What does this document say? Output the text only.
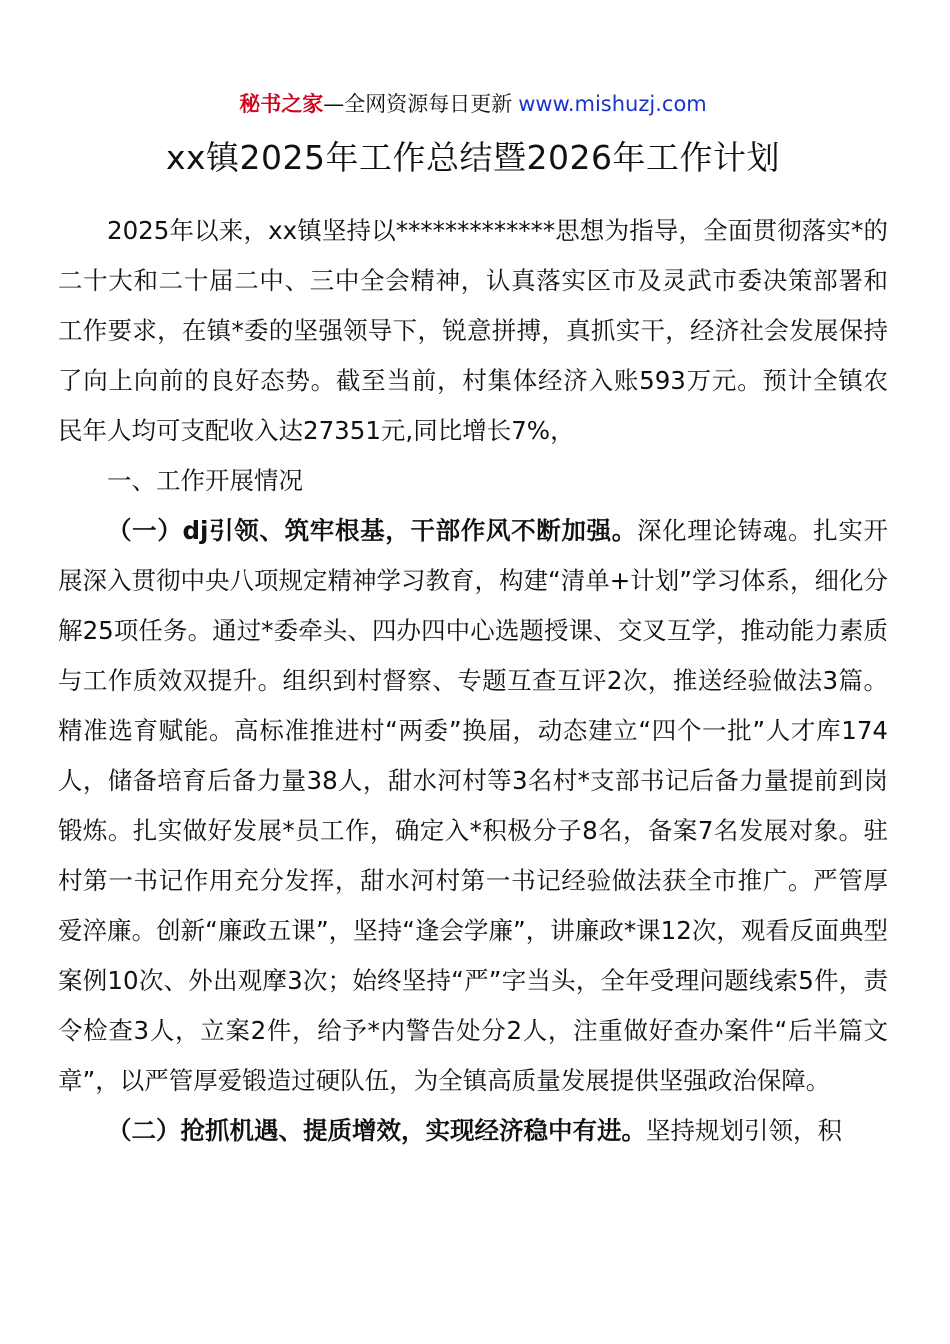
秘书之家—全网资源每日更新 www.mishuzj.com
xx镇2025年工作总结暨2026年工作计划

2025年以来，xx镇坚持以*************思想为指导，全面贯彻落实*的二十大和二十届二中、三中全会精神，认真落实区市及灵武市委决策部署和工作要求，在镇*委的坚强领导下，锐意拼搏，真抓实干，经济社会发展保持了向上向前的良好态势。截至当前，村集体经济入账593万元。预计全镇农民年人均可支配收入达27351元,同比增长7%，

一、工作开展情况

（一）dj引领、筑牢根基，干部作风不断加强。深化理论铸魂。扎实开展深入贯彻中央八项规定精神学习教育，构建“清单+计划”学习体系，细化分解25项任务。通过*委牵头、四办四中心选题授课、交叉互学，推动能力素质与工作质效双提升。组织到村督察、专题互查互评2次，推送经验做法3篇。精准选育赋能。高标准推进村“两委”换届，动态建立“四个一批”人才库174人，储备培育后备力量38人，甜水河村等3名村*支部书记后备力量提前到岗锻炼。扎实做好发展*员工作，确定入*积极分子8名，备案7名发展对象。驻村第一书记作用充分发挥，甜水河村第一书记经验做法获全市推广。严管厚爱淬廉。创新“廉政五课”，坚持“逢会学廉”，讲廉政*课12次，观看反面典型案例10次、外出观摩3次；始终坚持“严”字当头，全年受理问题线索5件，责令检查3人，立案2件，给予*内警告处分2人，注重做好查办案件“后半篇文章”，以严管厚爱锻造过硬队伍，为全镇高质量发展提供坚强政治保障。

（二）抢抓机遇、提质增效，实现经济稳中有进。坚持规划引领，积
